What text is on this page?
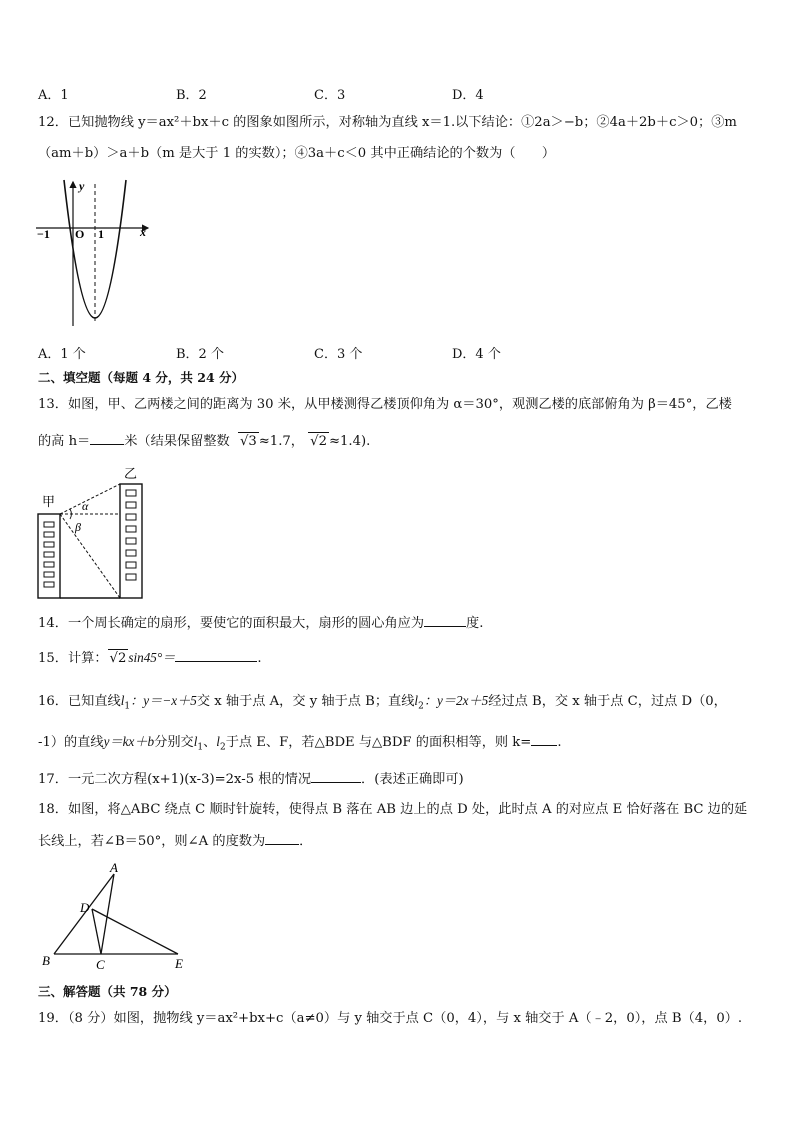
A．1	B．2	C．3	D．4
12．已知抛物线 y＝ax²＋bx＋c 的图象如图所示，对称轴为直线 x＝1.以下结论：①2a＞−b；②4a＋2b＋c＞0；③m
（am＋b）＞a＋b（m 是大于 1 的实数）；④3a＋c＜0 其中正确结论的个数为（　　）
y
x
−1 O 1
A．1 个	B．2 个	C．3 个	D．4 个
二、填空题（每题 4 分，共 24 分）
13．如图，甲、乙两楼之间的距离为 30 米，从甲楼测得乙楼顶仰角为 α＝30°，观测乙楼的底部俯角为 β＝45°，乙楼
的高 h＝	米（结果保留整数 √3 ≈1.7， √2 ≈1.4).
甲
乙
α
β
14．一个周长确定的扇形，要使它的面积最大，扇形的圆心角应为	度.
15．计算： √2 sin45°＝	.
16．已知直线$l_1$：y＝−x＋5交 x 轴于点 A，交 y 轴于点 B；直线$l_2$：y＝2x＋5经过点 B，交 x 轴于点 C，过点 D（0，
-1）的直线y＝kx＋b分别交$l_1$、$l_2$于点 E、F，若△BDE 与△BDF 的面积相等，则 k= .
17．一元二次方程(x+1)(x-3)=2x-5 根的情况	．(表述正确即可)
18．如图，将△ABC 绕点 C 顺时针旋转，使得点 B 落在 AB 边上的点 D 处，此时点 A 的对应点 E 恰好落在 BC 边的延
长线上，若∠B＝50°，则∠A 的度数为	．
A
B	C
D
E
三、解答题（共 78 分）
19．（8 分）如图，抛物线 y＝ax²+bx+c（a≠0）与 y 轴交于点 C（0，4），与 x 轴交于 A（﹣2，0），点 B（4，0）.
